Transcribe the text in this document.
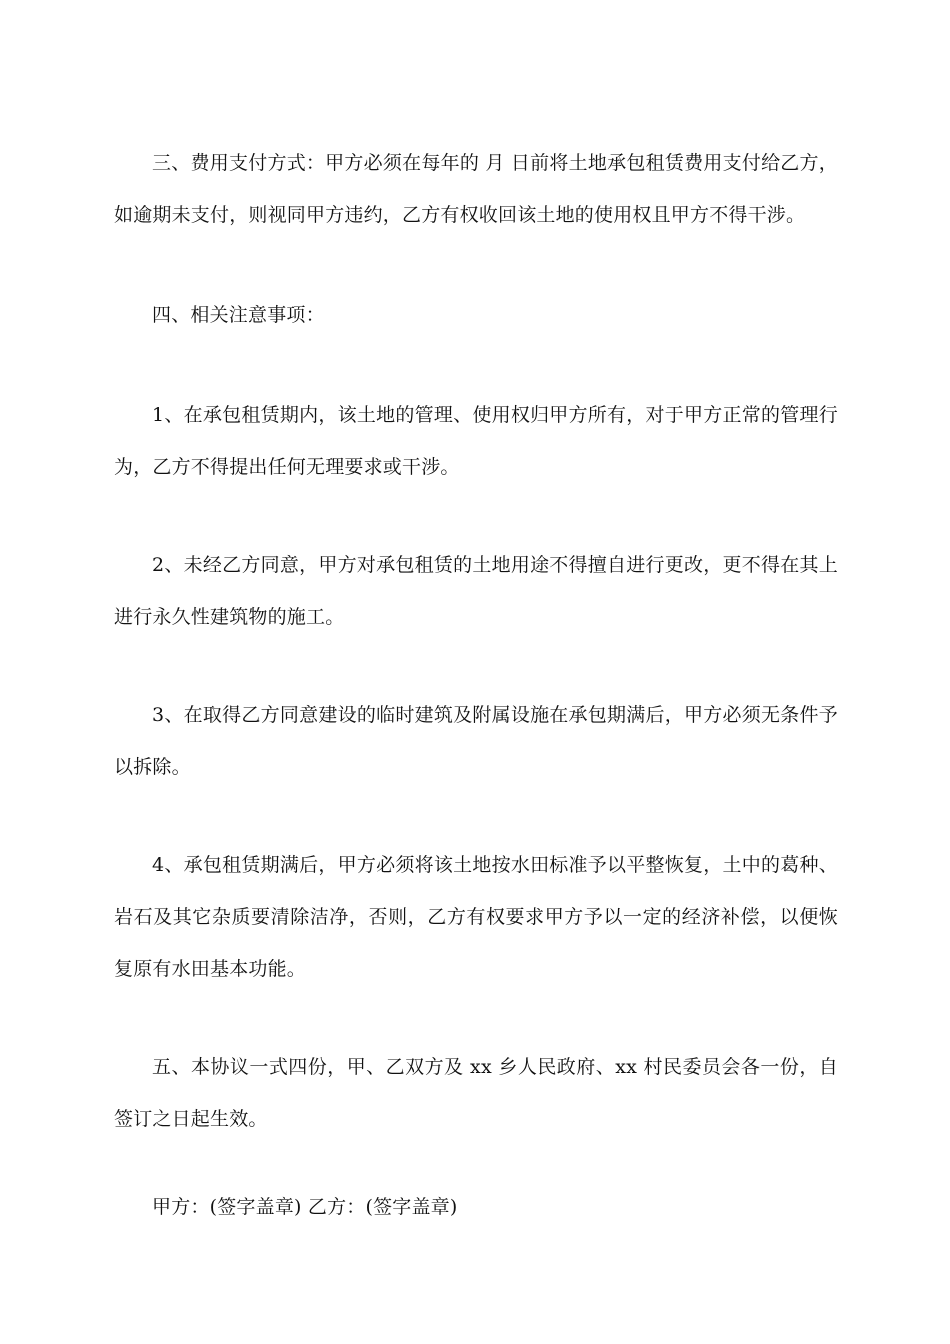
三、费用支付方式：甲方必须在每年的 月 日前将土地承包租赁费用支付给乙方，如逾期未支付，则视同甲方违约，乙方有权收回该土地的使用权且甲方不得干涉。

四、相关注意事项：

1、在承包租赁期内，该土地的管理、使用权归甲方所有，对于甲方正常的管理行为，乙方不得提出任何无理要求或干涉。

2、未经乙方同意，甲方对承包租赁的土地用途不得擅自进行更改，更不得在其上进行永久性建筑物的施工。

3、在取得乙方同意建设的临时建筑及附属设施在承包期满后，甲方必须无条件予以拆除。

4、承包租赁期满后，甲方必须将该土地按水田标准予以平整恢复，土中的葛种、岩石及其它杂质要清除洁净，否则，乙方有权要求甲方予以一定的经济补偿，以便恢复原有水田基本功能。

五、本协议一式四份，甲、乙双方及 xx 乡人民政府、xx 村民委员会各一份，自签订之日起生效。

甲方：(签字盖章) 乙方：(签字盖章)
